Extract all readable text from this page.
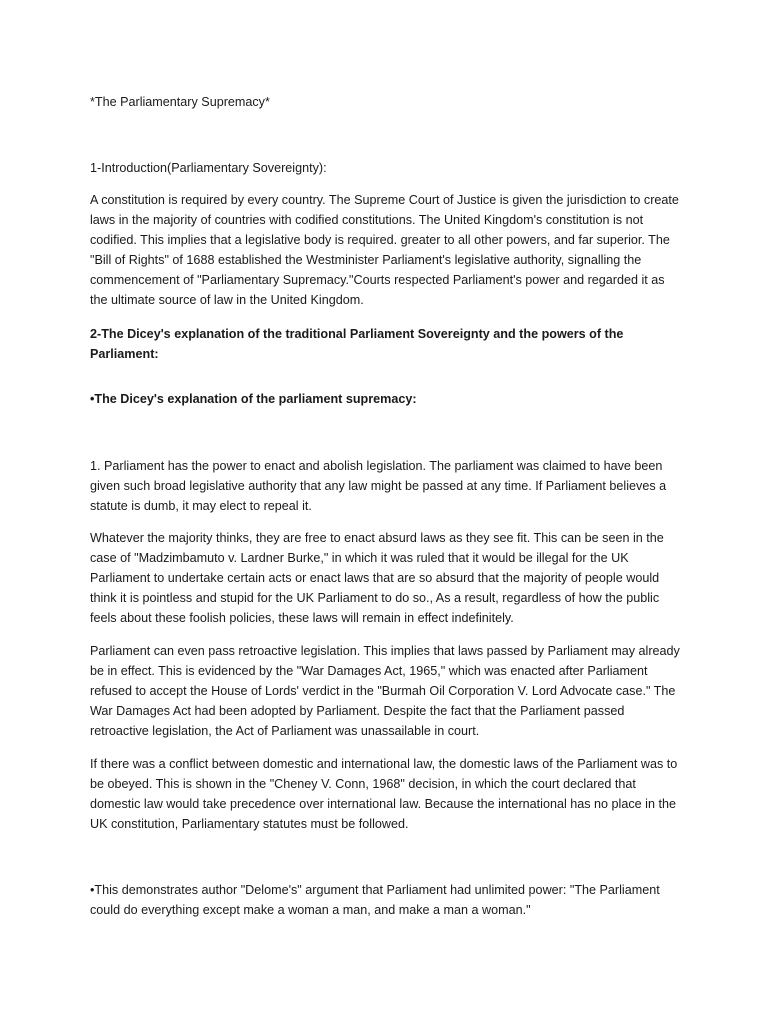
*The Parliamentary Supremacy*

1-Introduction(Parliamentary Sovereignty):

A constitution is required by every country. The Supreme Court of Justice is given the jurisdiction to create laws in the majority of countries with codified constitutions. The United Kingdom's constitution is not codified. This implies that a legislative body is required. greater to all other powers, and far superior. The "Bill of Rights" of 1688 established the Westminister Parliament's legislative authority, signalling the commencement of "Parliamentary Supremacy."Courts respected Parliament's power and regarded it as the ultimate source of law in the United Kingdom.

2-The Dicey's explanation of the traditional Parliament Sovereignty and the powers of the Parliament:

•The Dicey's explanation of the parliament supremacy:

1. Parliament has the power to enact and abolish legislation. The parliament was claimed to have been given such broad legislative authority that any law might be passed at any time. If Parliament believes a statute is dumb, it may elect to repeal it.

Whatever the majority thinks, they are free to enact absurd laws as they see fit. This can be seen in the case of "Madzimbamuto v. Lardner Burke," in which it was ruled that it would be illegal for the UK Parliament to undertake certain acts or enact laws that are so absurd that the majority of people would think it is pointless and stupid for the UK Parliament to do so., As a result, regardless of how the public feels about these foolish policies, these laws will remain in effect indefinitely.

Parliament can even pass retroactive legislation. This implies that laws passed by Parliament may already be in effect. This is evidenced by the "War Damages Act, 1965," which was enacted after Parliament refused to accept the House of Lords' verdict in the "Burmah Oil Corporation V. Lord Advocate case." The War Damages Act had been adopted by Parliament. Despite the fact that the Parliament passed retroactive legislation, the Act of Parliament was unassailable in court.

If there was a conflict between domestic and international law, the domestic laws of the Parliament was to be obeyed. This is shown in the "Cheney V. Conn, 1968" decision, in which the court declared that domestic law would take precedence over international law. Because the international has no place in the UK constitution, Parliamentary statutes must be followed.

•This demonstrates author "Delome's" argument that Parliament had unlimited power: "The Parliament could do everything except make a woman a man, and make a man a woman."
